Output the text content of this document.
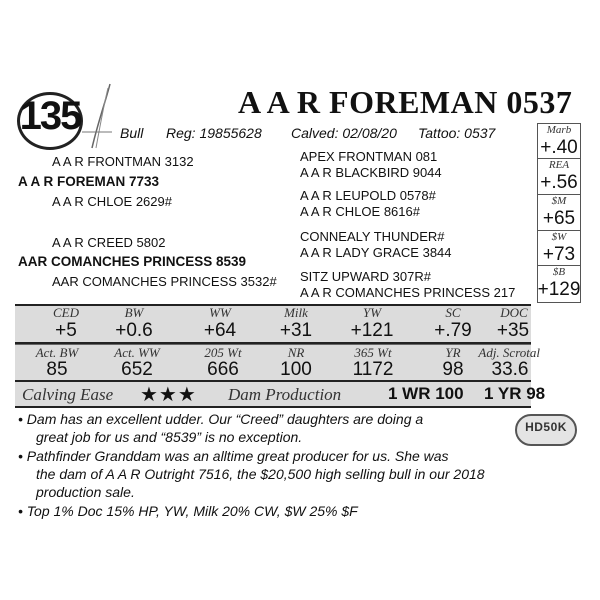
135	A A R FOREMAN 0537
Bull Reg: 19855628 Calved: 02/08/20 Tattoo: 0537
A A R FRONTMAN 3132
A A R FOREMAN 7733
A A R CHLOE 2629#
A A R CREED 5802
AAR COMANCHES PRINCESS 8539
AAR COMANCHES PRINCESS 3532#
APEX FRONTMAN 081
A A R BLACKBIRD 9044
A A R LEUPOLD 0578#
A A R CHLOE 8616#
CONNEALY THUNDER#
A A R LADY GRACE 3844
SITZ UPWARD 307R#
A A R COMANCHES PRINCESS 217
Marb
+.40
REA
+.56
$M
+65
$W
+73
$B
+129
CED	BW	WW	Milk	YW	SC	DOC
+5	+0.6	+64	+31	+121	+.79	+35
Act. BW	Act. WW	205 Wt	NR	365 Wt	YR	Adj. Scrotal
85	652	666	100	1172	98	33.6
Calving Ease ★★★ Dam Production	1 WR 100 1 YR 98
HD50K
• Dam has an excellent udder. Our “Creed” daughters are doing a
great job for us and “8539” is no exception.
• Pathfinder Granddam was an alltime great producer for us. She was
the dam of A A R Outright 7516, the $20,500 high selling bull in our 2018
production sale.
• Top 1% Doc 15% HP, YW, Milk 20% CW, $W 25% $F
